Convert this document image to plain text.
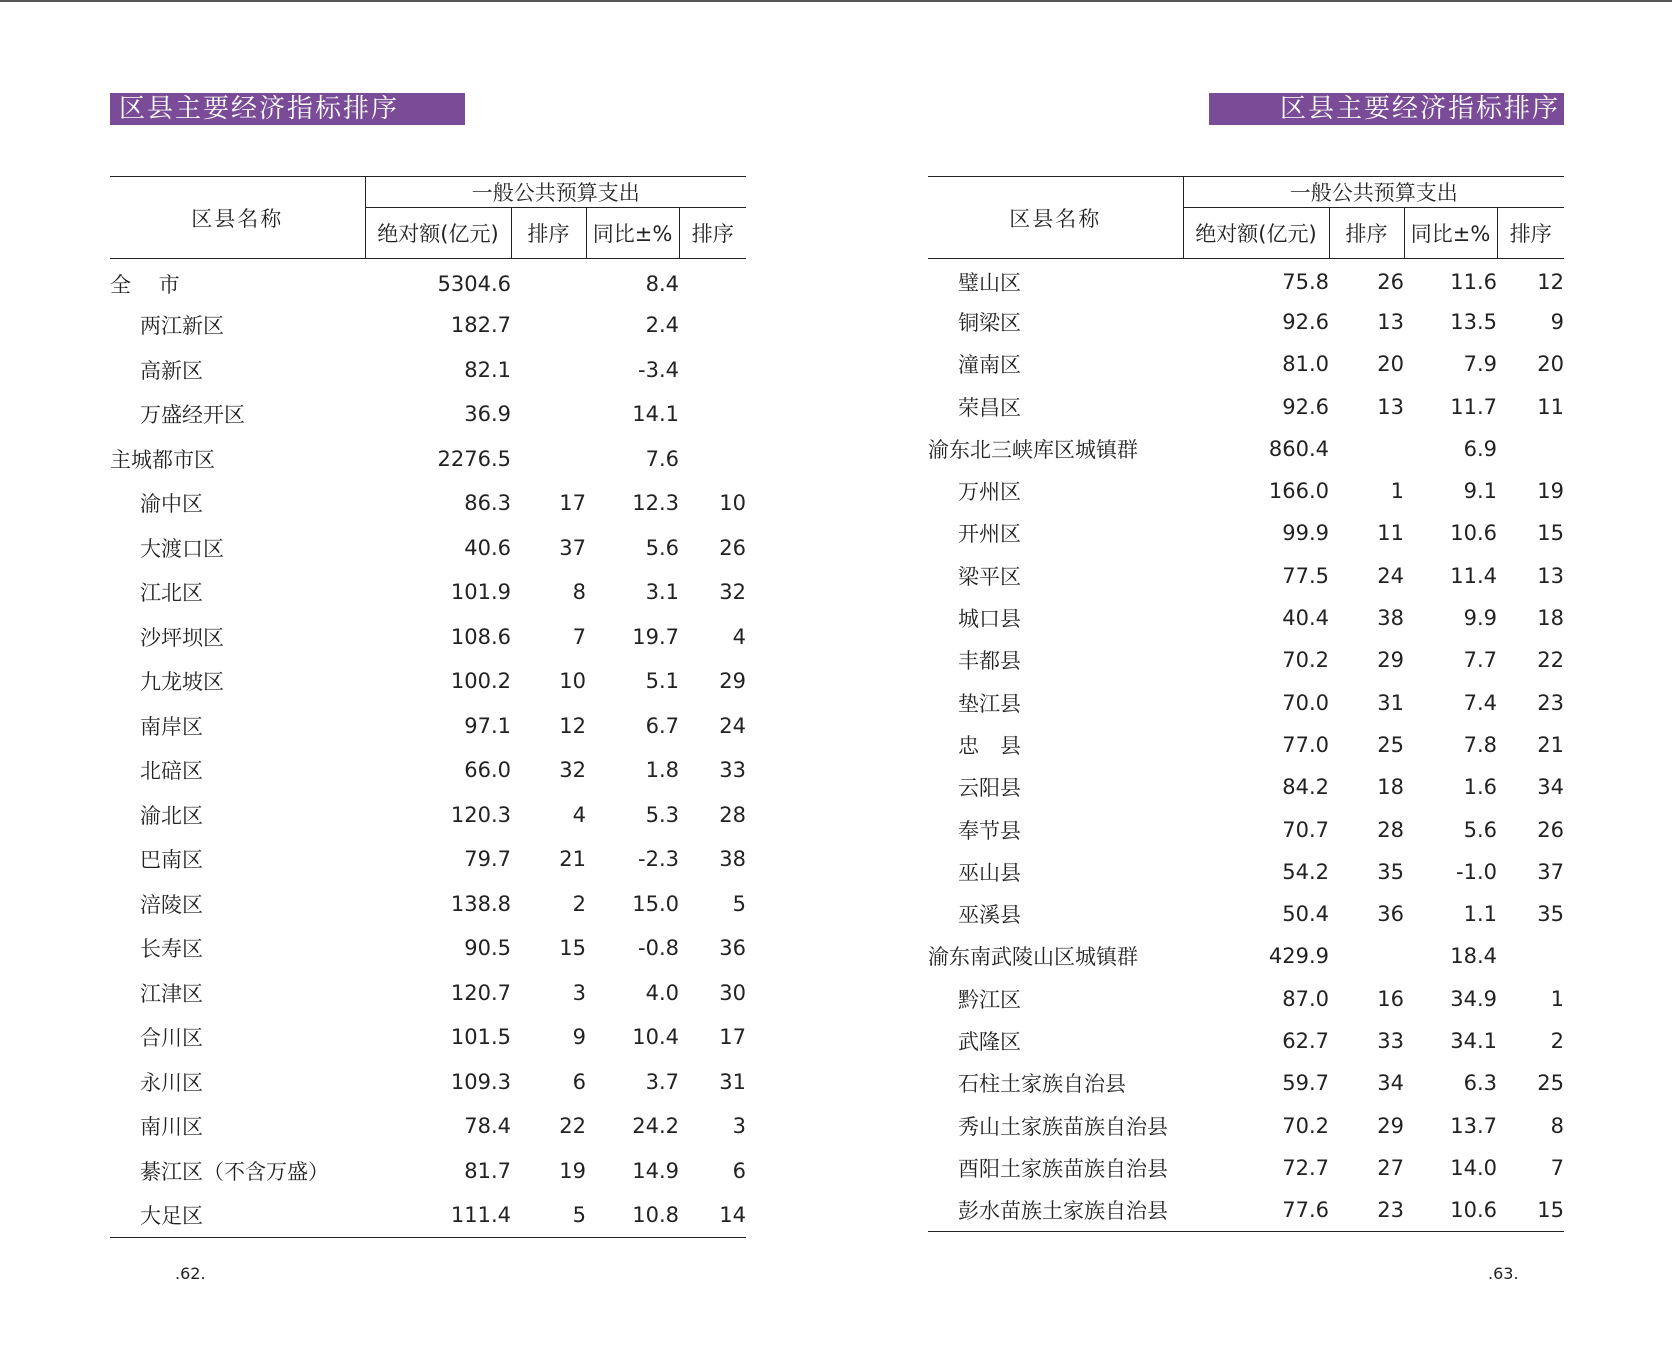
区县主要经济指标排序
区县名称	一般公共预算支出			
	绝对额(亿元)	排序	同比±%	排序
全　 市	5304.6		8.4	
两江新区	182.7		2.4	
高新区	82.1		-3.4	
万盛经开区	36.9		14.1	
主城都市区	2276.5		7.6	
渝中区	86.3	17	12.3	10
大渡口区	40.6	37	5.6	26
江北区	101.9	8	3.1	32
沙坪坝区	108.6	7	19.7	4
九龙坡区	100.2	10	5.1	29
南岸区	97.1	12	6.7	24
北碚区	66.0	32	1.8	33
渝北区	120.3	4	5.3	28
巴南区	79.7	21	-2.3	38
涪陵区	138.8	2	15.0	5
长寿区	90.5	15	-0.8	36
江津区	120.7	3	4.0	30
合川区	101.5	9	10.4	17
永川区	109.3	6	3.7	31
南川区	78.4	22	24.2	3
綦江区（不含万盛）	81.7	19	14.9	6
大足区	111.4	5	10.8	14
.62.
区县主要经济指标排序
区县名称	一般公共预算支出			
	绝对额(亿元)	排序	同比±%	排序
璧山区	75.8	26	11.6	12
铜梁区	92.6	13	13.5	9
潼南区	81.0	20	7.9	20
荣昌区	92.6	13	11.7	11
渝东北三峡库区城镇群	860.4		6.9	
万州区	166.0	1	9.1	19
开州区	99.9	11	10.6	15
梁平区	77.5	24	11.4	13
城口县	40.4	38	9.9	18
丰都县	70.2	29	7.7	22
垫江县	70.0	31	7.4	23
忠　县	77.0	25	7.8	21
云阳县	84.2	18	1.6	34
奉节县	70.7	28	5.6	26
巫山县	54.2	35	-1.0	37
巫溪县	50.4	36	1.1	35
渝东南武陵山区城镇群	429.9		18.4	
黔江区	87.0	16	34.9	1
武隆区	62.7	33	34.1	2
石柱土家族自治县	59.7	34	6.3	25
秀山土家族苗族自治县	70.2	29	13.7	8
酉阳土家族苗族自治县	72.7	27	14.0	7
彭水苗族土家族自治县	77.6	23	10.6	15
.63.
